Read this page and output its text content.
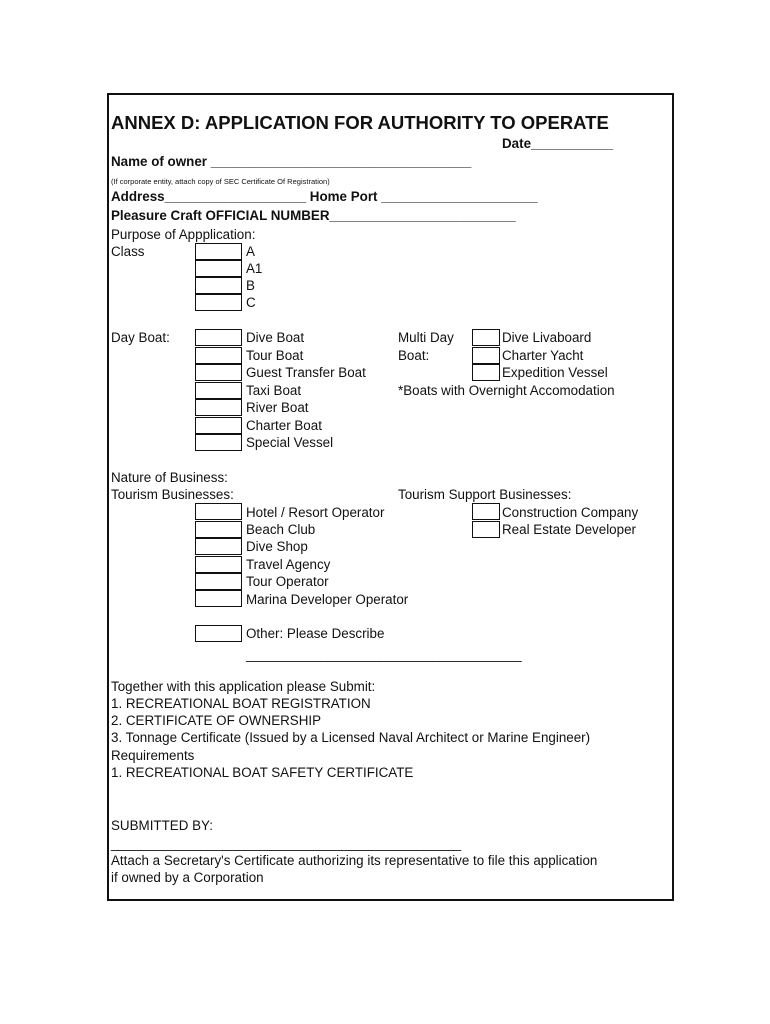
ANNEX D: APPLICATION FOR AUTHORITY TO OPERATE
Date___________
Name of owner ___________________________________
(If corporate entity, attach copy of SEC Certificate Of Registration)
Address___________________ Home Port _____________________
Pleasure Craft OFFICIAL NUMBER_________________________
Purpose of Appplication:
Class	A
A1
B
C
Day Boat:	Dive Boat
Tour Boat
Guest Transfer Boat
Taxi Boat
River Boat
Charter Boat
Special Vessel
Multi Day
Boat:
Dive Livaboard
Charter Yacht
Expedition Vessel
*Boats with Overnight Accomodation
Nature of Business:
Tourism Businesses:
Hotel / Resort Operator
Beach Club
Dive Shop
Travel Agency
Tour Operator
Marina Developer Operator
Tourism Support Businesses:
Construction Company
Real Estate Developer
Other: Please Describe
_____________________________________
Together with this application please Submit:
1. RECREATIONAL BOAT REGISTRATION
2. CERTIFICATE OF OWNERSHIP
3. Tonnage Certificate (Issued by a Licensed Naval Architect or Marine Engineer)
Requirements
1. RECREATIONAL BOAT SAFETY CERTIFICATE
SUBMITTED BY:
_______________________________________________
Attach a Secretary's Certificate authorizing its representative to file this application
if owned by a Corporation
